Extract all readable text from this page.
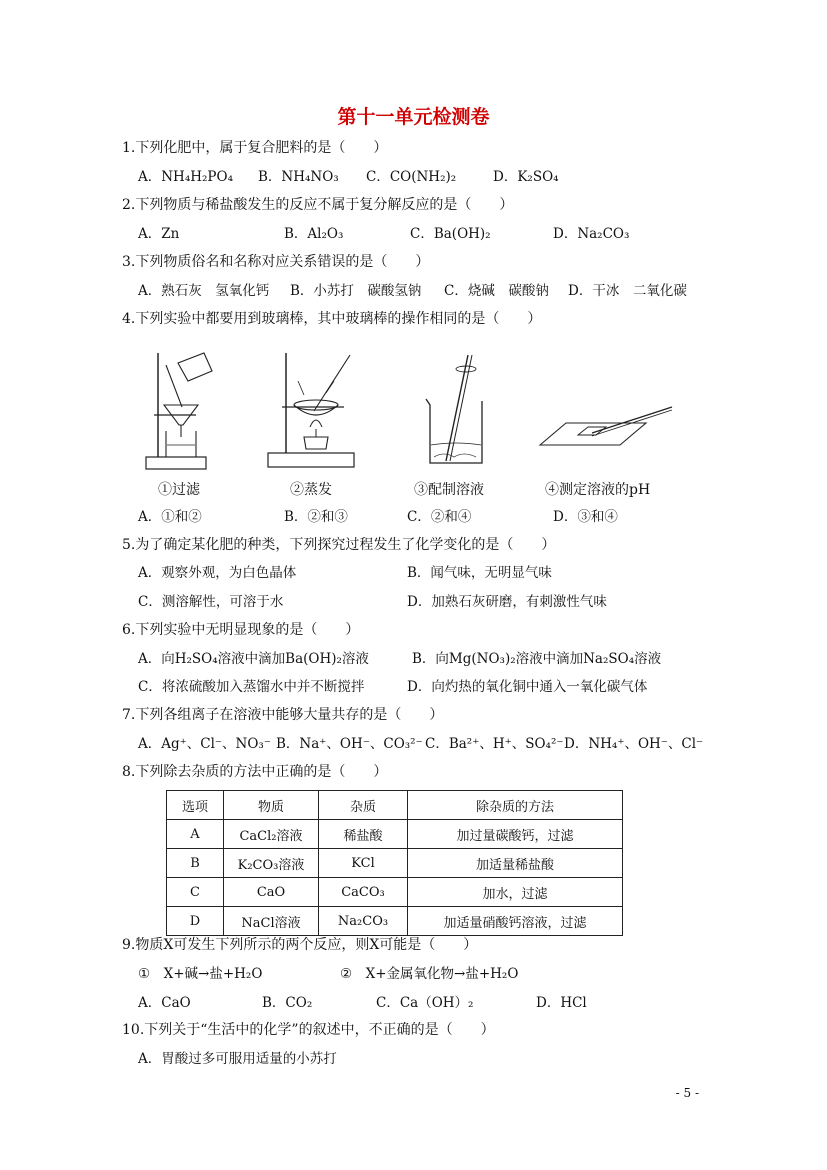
第十一单元检测卷
1.下列化肥中，属于复合肥料的是（　　）
A．NH₄H₂PO₄ B．NH₄NO₃ C．CO(NH₂)₂	D．K₂SO₄
2.下列物质与稀盐酸发生的反应不属于复分解反应的是（　　）
A．Zn	B．Al₂O₃	C．Ba(OH)₂	D．Na₂CO₃
3.下列物质俗名和名称对应关系错误的是（　　）
A．熟石灰　氢氧化钙 B．小苏打　碳酸氢钠 C．烧碱　碳酸钠 D．干冰　二氧化碳
4.下列实验中都要用到玻璃棒，其中玻璃棒的操作相同的是（　　）
①过滤	②蒸发	③配制溶液	④测定溶液的pH
A．①和②	B．②和③	C．②和④	D．③和④
5.为了确定某化肥的种类，下列探究过程发生了化学变化的是（　　）
A．观察外观，为白色晶体	B．闻气味，无明显气味
C．测溶解性，可溶于水	D．加熟石灰研磨，有刺激性气味
6.下列实验中无明显现象的是（　　）
A．向H₂SO₄溶液中滴加Ba(OH)₂溶液	B．向Mg(NO₃)₂溶液中滴加Na₂SO₄溶液
C．将浓硫酸加入蒸馏水中并不断搅拌	D．向灼热的氧化铜中通入一氧化碳气体
7.下列各组离子在溶液中能够大量共存的是（　　）
A．Ag⁺、Cl⁻、NO₃⁻ B．Na⁺、OH⁻、CO₃²⁻ C．Ba²⁺、H⁺、SO₄²⁻ D．NH₄⁺、OH⁻、Cl⁻
8.下列除去杂质的方法中正确的是（　　）
选项	物质	杂质	除杂质的方法
A	CaCl₂溶液	稀盐酸	加过量碳酸钙，过滤
B	K₂CO₃溶液	KCl	加适量稀盐酸
C	CaO	CaCO₃	加水，过滤
D	NaCl溶液	Na₂CO₃	加适量硝酸钙溶液，过滤
9.物质X可发生下列所示的两个反应，则X可能是（　　）
①　X+碱→盐+H₂O	②　X+金属氧化物→盐+H₂O
A．CaO	B．CO₂	C．Ca（OH）₂	D．HCl
10.下列关于“生活中的化学”的叙述中，不正确的是（　　）
A．胃酸过多可服用适量的小苏打
- 5 -
